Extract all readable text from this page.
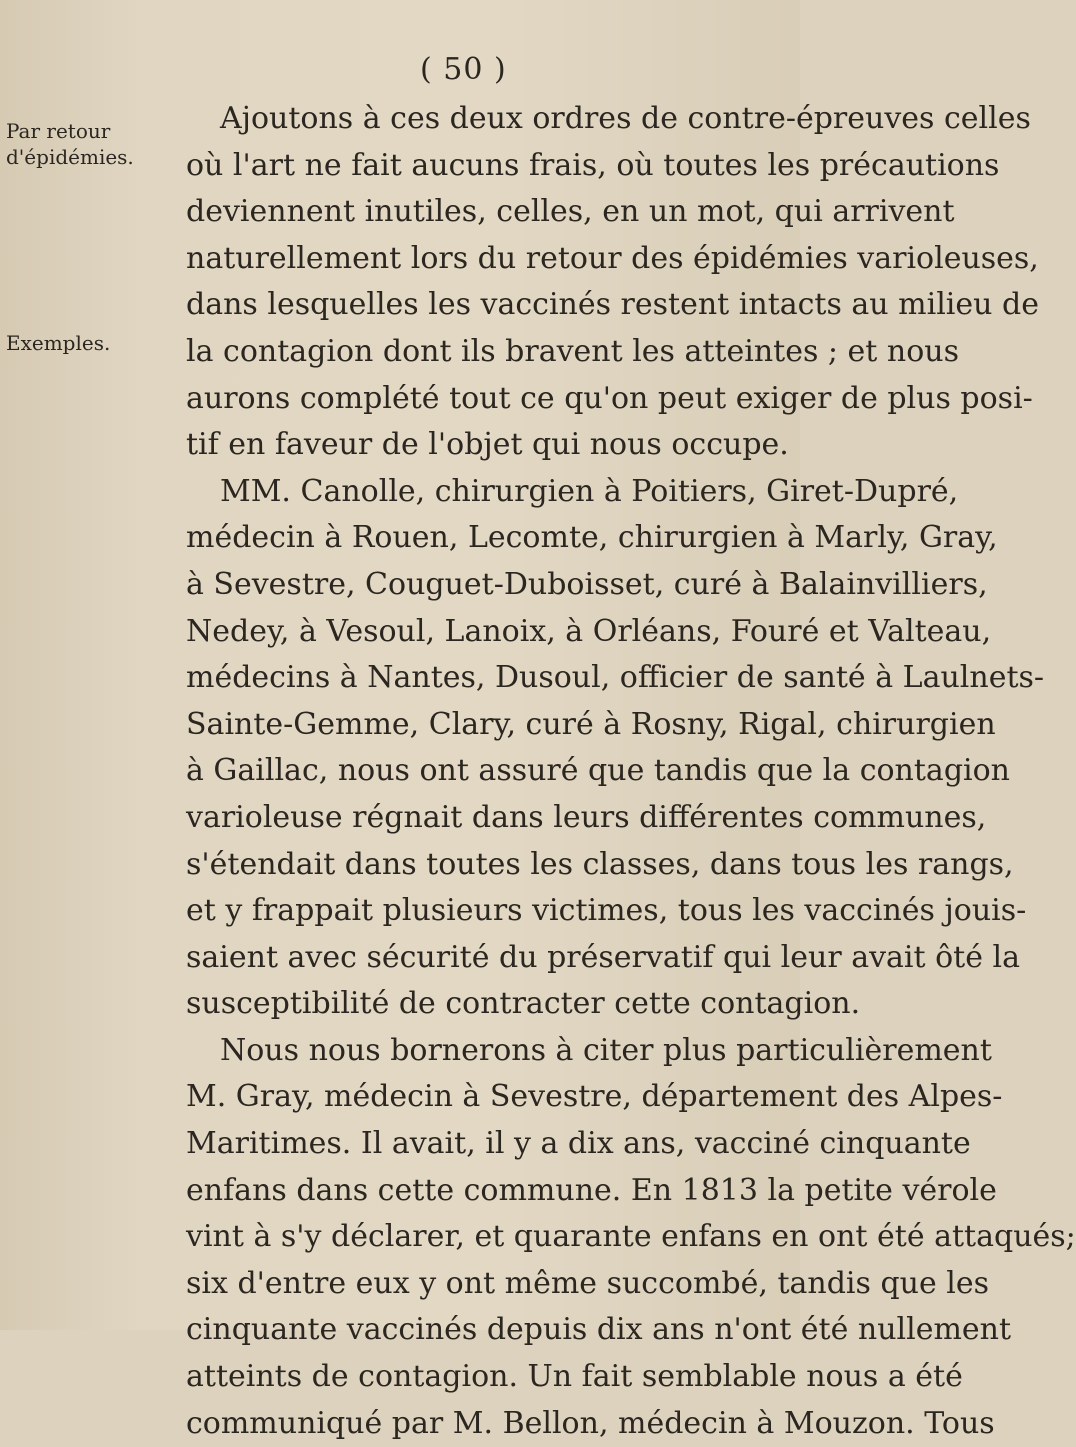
( 50 )
Par retour d'épidémies.
Exemples.
Ajoutons à ces deux ordres de contre-épreuves celles
où l'art ne fait aucuns frais, où toutes les précautions
deviennent inutiles, celles, en un mot, qui arrivent
naturellement lors du retour des épidémies varioleuses,
dans lesquelles les vaccinés restent intacts au milieu de
la contagion dont ils bravent les atteintes ; et nous
aurons complété tout ce qu'on peut exiger de plus posi-
tif en faveur de l'objet qui nous occupe.
MM. Canolle, chirurgien à Poitiers, Giret-Dupré,
médecin à Rouen, Lecomte, chirurgien à Marly, Gray,
à Sevestre, Couguet-Duboisset, curé à Balainvilliers,
Nedey, à Vesoul, Lanoix, à Orléans, Fouré et Valteau,
médecins à Nantes, Dusoul, officier de santé à Laulnets-
Sainte-Gemme, Clary, curé à Rosny, Rigal, chirurgien
à Gaillac, nous ont assuré que tandis que la contagion
varioleuse régnait dans leurs différentes communes,
s'étendait dans toutes les classes, dans tous les rangs,
et y frappait plusieurs victimes, tous les vaccinés jouis-
saient avec sécurité du préservatif qui leur avait ôté la
susceptibilité de contracter cette contagion.
Nous nous bornerons à citer plus particulièrement
M. Gray, médecin à Sevestre, département des Alpes-
Maritimes. Il avait, il y a dix ans, vacciné cinquante
enfans dans cette commune. En 1813 la petite vérole
vint à s'y déclarer, et quarante enfans en ont été attaqués;
six d'entre eux y ont même succombé, tandis que les
cinquante vaccinés depuis dix ans n'ont été nullement
atteints de contagion. Un fait semblable nous a été
communiqué par M. Bellon, médecin à Mouzon. Tous
